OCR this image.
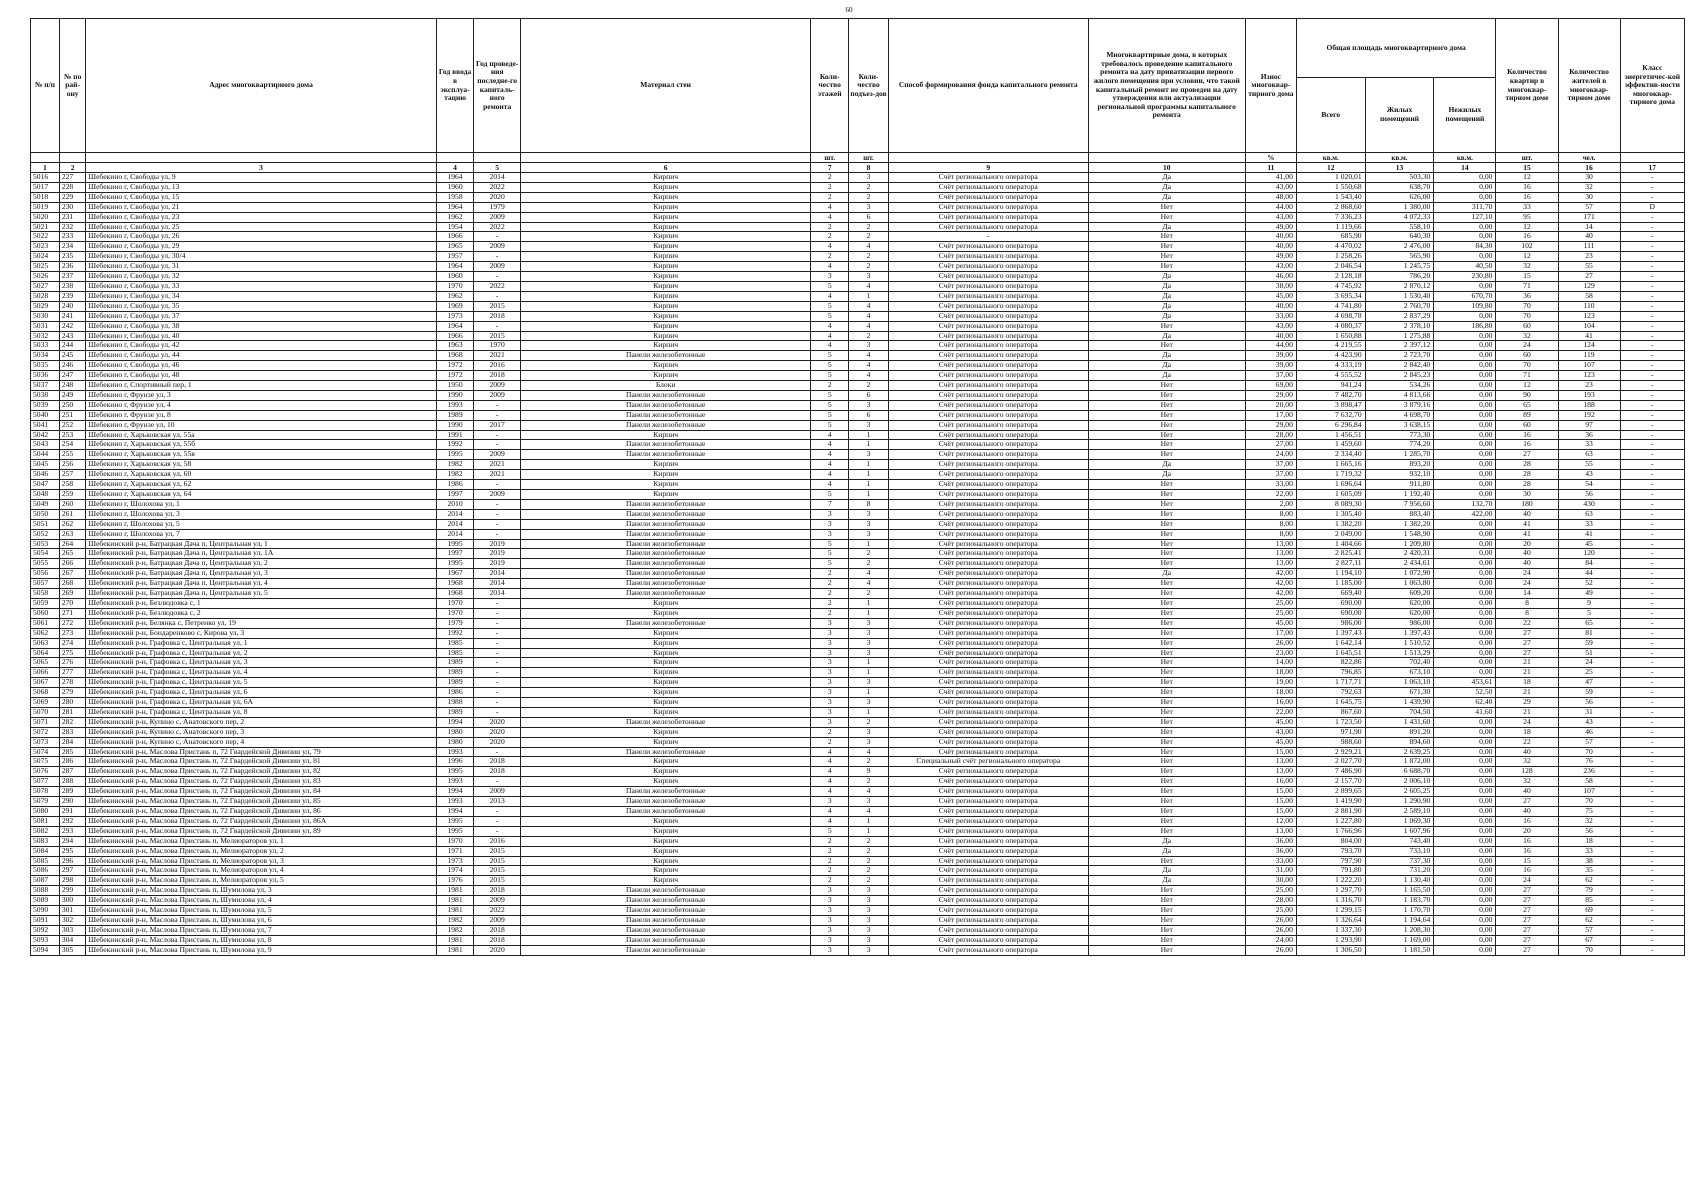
60
№ п/п	№ по рай-ону	Адрес многоквартирного дома	Год ввода в эксплуа-тацию	Год проведе-ния последне-го капиталь-ного ремонта	Материал стен	Коли-чество этажей	Коли-чество подъез-дов	Способ формирования фонда капитального ремонта	Многоквартирные дома, в которых требовалось проведение капитального ремонта на дату приватизации первого жилого помещения при условии, что такой капитальный ремонт не проведен на дату утверждения или актуализации региональной программы капитального ремонта	Износ многоквар-тирного дома	Общая площадь многоквартирного дома			Количество квартир в многоквар-тирном доме	Количество жителей в многоквар-тирном доме	Класс энергетичес-кой эффектив-ности многоквар-тирного дома
											Всего	Жилых помещений	Нежилых помещений			
						шт.	шт.			%	кв.м.	кв.м.	кв.м.	шт.	чел.	
1	2	3	4	5	6	7	8	9	10	11	12	13	14	15	16	17
5016	227	Шебекино г, Свободы ул, 9	1964	2014	Кирпич	2	3	Счёт регионального оператора	Да	41,00	1 020,01	503,30	0,00	12	30	-
5017	228	Шебекино г, Свободы ул, 13	1960	2022	Кирпич	2	2	Счёт регионального оператора	Да	43,00	1 550,68	638,70	0,00	16	32	-
5018	229	Шебекино г, Свободы ул, 15	1958	2020	Кирпич	2	2	Счёт регионального оператора	Да	48,00	1 543,40	626,00	0,00	16	30	-
5019	230	Шебекино г, Свободы ул, 21	1964	1979	Кирпич	4	3	Счёт регионального оператора	Нет	44,00	2 868,60	1 380,00	311,70	33	57	D
5020	231	Шебекино г, Свободы ул, 23	1962	2009	Кирпич	4	6	Счёт регионального оператора	Нет	43,00	7 336,23	4 072,33	127,10	95	171	-
5021	232	Шебекино г, Свободы ул, 25	1954	2022	Кирпич	2	2	Счёт регионального оператора	Да	49,00	1 119,66	558,10	0,00	12	14	-
5022	233	Шебекино г, Свободы ул, 26	1966	-	Кирпич	2	2	-	Нет	40,00	685,90	640,30	0,00	16	40	-
5023	234	Шебекино г, Свободы ул, 29	1965	2009	Кирпич	4	4	Счёт регионального оператора	Нет	40,00	4 470,02	2 476,00	84,30	102	111	-
5024	235	Шебекино г, Свободы ул, 30/4	1957	-	Кирпич	2	2	Счёт регионального оператора	Нет	49,00	1 258,26	565,90	0,00	12	23	-
5025	236	Шебекино г, Свободы ул, 31	1964	2009	Кирпич	4	2	Счёт регионального оператора	Нет	43,00	2 046,54	1 245,75	40,50	32	55	-
5026	237	Шебекино г, Свободы ул, 32	1960	-	Кирпич	3	3	Счёт регионального оператора	Да	46,00	2 128,18	786,20	230,80	15	27	-
5027	238	Шебекино г, Свободы ул, 33	1970	2022	Кирпич	5	4	Счёт регионального оператора	Да	38,00	4 745,92	2 870,12	0,00	71	129	-
5028	239	Шебекино г, Свободы ул, 34	1962	-	Кирпич	4	1	Счёт регионального оператора	Да	45,00	3 695,34	1 530,40	670,70	36	58	-
5029	240	Шебекино г, Свободы ул, 35	1969	2015	Кирпич	5	4	Счёт регионального оператора	Да	40,00	4 741,80	2 760,70	109,80	70	110	-
5030	241	Шебекино г, Свободы ул, 37	1973	2018	Кирпич	5	4	Счёт регионального оператора	Да	33,00	4 698,78	2 837,29	0,00	70	123	-
5031	242	Шебекино г, Свободы ул, 38	1964	-	Кирпич	4	4	Счёт регионального оператора	Нет	43,00	4 080,37	2 378,10	186,80	60	104	-
5032	243	Шебекино г, Свободы ул, 40	1966	2015	Кирпич	4	2	Счёт регионального оператора	Да	40,00	1 650,88	1 275,88	0,00	32	41	-
5033	244	Шебекино г, Свободы ул, 42	1963	1970	Кирпич	4	3	Счёт регионального оператора	Нет	44,00	4 219,55	2 397,12	0,00	24	124	-
5034	245	Шебекино г, Свободы ул, 44	1968	2021	Панели железобетонные	5	4	Счёт регионального оператора	Да	39,00	4 423,90	2 723,70	0,00	60	119	-
5035	246	Шебекино г, Свободы ул, 46	1972	2016	Кирпич	5	4	Счёт регионального оператора	Да	39,00	4 333,19	2 842,40	0,00	70	107	-
5036	247	Шебекино г, Свободы ул, 48	1972	2018	Кирпич	5	4	Счёт регионального оператора	Да	37,00	4 555,52	2 845,23	0,00	71	123	-
5037	248	Шебекино г, Спортивный пер, 1	1950	2009	Блоки	2	2	Счёт регионального оператора	Нет	69,00	941,24	534,26	0,00	12	23	-
5038	249	Шебекино г, Фрунзе ул, 3	1990	2009	Панели железобетонные	5	6	Счёт регионального оператора	Нет	29,00	7 482,70	4 813,66	0,00	90	193	-
5039	250	Шебекино г, Фрунзе ул, 4	1993	-	Панели железобетонные	5	3	Счёт регионального оператора	Нет	20,00	3 898,47	3 879,16	0,00	65	188	-
5040	251	Шебекино г, Фрунзе ул, 8	1989	-	Панели железобетонные	5	6	Счёт регионального оператора	Нет	17,00	7 632,70	4 698,70	0,00	89	192	-
5041	252	Шебекино г, Фрунзе ул, 10	1990	2017	Панели железобетонные	5	3	Счёт регионального оператора	Нет	29,00	6 296,84	3 638,15	0,00	60	97	-
5042	253	Шебекино г, Харьковская ул, 55а	1991	-	Кирпич	4	1	Счёт регионального оператора	Нет	28,00	1 456,51	773,30	0,00	16	36	-
5043	254	Шебекино г, Харьковская ул, 55б	1992	-	Панели железобетонные	4	1	Счёт регионального оператора	Нет	27,00	1 459,60	774,20	0,00	16	33	-
5044	255	Шебекино г, Харьковская ул, 55в	1995	2009	Панели железобетонные	4	3	Счёт регионального оператора	Нет	24,00	2 334,40	1 285,70	0,00	27	63	-
5045	256	Шебекино г, Харьковская ул, 58	1982	2021	Кирпич	4	1	Счёт регионального оператора	Да	37,00	1 665,16	893,20	0,00	28	55	-
5046	257	Шебекино г, Харьковская ул, 60	1982	2021	Кирпич	4	1	Счёт регионального оператора	Да	37,00	1 719,32	932,10	0,00	28	43	-
5047	258	Шебекино г, Харьковская ул, 62	1986	-	Кирпич	4	1	Счёт регионального оператора	Нет	33,00	1 696,64	911,80	0,00	28	54	-
5048	259	Шебекино г, Харьковская ул, 64	1997	2009	Кирпич	5	1	Счёт регионального оператора	Нет	22,00	1 605,09	1 192,40	0,00	30	56	-
5049	260	Шебекино г, Шолохова ул, 1	2010	-	Панели железобетонные	7	8	Счёт регионального оператора	Нет	2,00	8 089,30	7 956,60	132,70	180	430	-
5050	261	Шебекино г, Шолохова ул, 3	2014	-	Панели железобетонные	3	3	Счёт регионального оператора	Нет	8,00	1 305,40	883,40	422,00	40	63	-
5051	262	Шебекино г, Шолохова ул, 5	2014	-	Панели железобетонные	3	3	Счёт регионального оператора	Нет	8,00	1 382,20	1 382,20	0,00	41	33	-
5052	263	Шебекино г, Шолохова ул, 7	2014	-	Панели железобетонные	3	3	Счёт регионального оператора	Нет	8,00	2 049,00	1 548,90	0,00	41	41	-
5053	264	Шебекинский р-н, Батрацкая Дача п, Центральная ул, 1	1995	2019	Панели железобетонные	5	1	Счёт регионального оператора	Нет	13,00	1 404,66	1 209,80	0,00	20	45	-
5054	265	Шебекинский р-н, Батрацкая Дача п, Центральная ул, 1А	1997	2019	Панели железобетонные	5	2	Счёт регионального оператора	Нет	13,00	2 825,41	2 420,31	0,00	40	120	-
5055	266	Шебекинский р-н, Батрацкая Дача п, Центральная ул, 2	1995	2019	Панели железобетонные	5	2	Счёт регионального оператора	Нет	13,00	2 827,11	2 434,61	0,00	40	84	-
5056	267	Шебекинский р-н, Батрацкая Дача п, Центральная ул, 3	1967	2014	Панели железобетонные	2	4	Счёт регионального оператора	Да	42,00	1 194,10	1 072,90	0,00	24	44	-
5057	268	Шебекинский р-н, Батрацкая Дача п, Центральная ул, 4	1968	2014	Панели железобетонные	2	4	Счёт регионального оператора	Нет	42,00	1 185,00	1 063,80	0,00	24	52	-
5058	269	Шебекинский р-н, Батрацкая Дача п, Центральная ул, 5	1968	2014	Панели железобетонные	2	2	Счёт регионального оператора	Нет	42,00	669,40	609,20	0,00	14	49	-
5059	270	Шебекинский р-н, Безлюдовка с, 1	1970	-	Кирпич	2	1	Счёт регионального оператора	Нет	25,00	690,00	620,00	0,00	8	9	-
5060	271	Шебекинский р-н, Безлюдовка с, 2	1970	-	Кирпич	2	1	Счёт регионального оператора	Нет	25,00	690,00	620,00	0,00	8	5	-
5061	272	Шебекинский р-н, Белянка с, Петренко ул, 19	1979	-	Панели железобетонные	3	3	Счёт регионального оператора	Нет	45,00	986,00	986,00	0,00	22	65	-
5062	273	Шебекинский р-н, Бондаренково с, Кирова ул, 3	1992	-	Кирпич	3	3	Счёт регионального оператора	Нет	17,00	1 397,43	1 397,43	0,00	27	81	-
5063	274	Шебекинский р-н, Графовка с, Центральная ул, 1	1985	-	Кирпич	3	3	Счёт регионального оператора	Нет	26,00	1 642,14	1 510,52	0,00	27	59	-
5064	275	Шебекинский р-н, Графовка с, Центральная ул, 2	1985	-	Кирпич	3	3	Счёт регионального оператора	Нет	23,00	1 645,51	1 513,29	0,00	27	51	-
5065	276	Шебекинский р-н, Графовка с, Центральная ул, 3	1989	-	Кирпич	3	1	Счёт регионального оператора	Нет	14,00	822,86	702,40	0,00	21	24	-
5066	277	Шебекинский р-н, Графовка с, Центральная ул, 4	1989	-	Кирпич	3	1	Счёт регионального оператора	Нет	18,00	796,85	673,10	0,00	21	25	-
5067	278	Шебекинский р-н, Графовка с, Центральная ул, 5	1989	-	Кирпич	3	3	Счёт регионального оператора	Нет	19,00	1 717,71	1 063,10	453,61	18	47	-
5068	279	Шебекинский р-н, Графовка с, Центральная ул, 6	1986	-	Кирпич	3	1	Счёт регионального оператора	Нет	18,00	792,63	671,30	52,50	21	59	-
5069	280	Шебекинский р-н, Графовка с, Центральная ул, 6А	1988	-	Кирпич	3	3	Счёт регионального оператора	Нет	16,00	1 645,75	1 439,90	62,40	29	56	-
5070	281	Шебекинский р-н, Графовка с, Центральная ул, 8	1989	-	Кирпич	3	1	Счёт регионального оператора	Нет	22,00	867,60	704,50	41,60	21	31	-
5071	282	Шебекинский р-н, Купино с, Анатовского пер, 2	1994	2020	Панели железобетонные	3	2	Счёт регионального оператора	Нет	45,00	1 723,50	1 431,60	0,00	24	43	-
5072	283	Шебекинский р-н, Купино с, Анатовского пер, 3	1980	2020	Кирпич	2	3	Счёт регионального оператора	Нет	43,00	971,90	891,20	0,00	18	46	-
5073	284	Шебекинский р-н, Купино с, Анатовского пер, 4	1980	2020	Кирпич	2	3	Счёт регионального оператора	Нет	45,00	988,60	894,60	0,00	22	57	-
5074	285	Шебекинский р-н, Маслова Пристань п, 72 Гвардейской Дивизии ул, 79	1993	-	Панели железобетонные	4	4	Счёт регионального оператора	Нет	15,00	2 929,21	2 639,25	0,00	40	70	-
5075	286	Шебекинский р-н, Маслова Пристань п, 72 Гвардейской Дивизии ул, 81	1996	2018	Кирпич	4	2	Специальный счёт регионального оператора	Нет	13,00	2 027,70	1 872,00	0,00	32	76	-
5076	287	Шебекинский р-н, Маслова Пристань п, 72 Гвардейской Дивизии ул, 82	1995	2018	Кирпич	4	9	Счёт регионального оператора	Нет	13,00	7 486,90	6 688,70	0,00	128	236	-
5077	288	Шебекинский р-н, Маслова Пристань п, 72 Гвардейской Дивизии ул, 83	1993	-	Кирпич	4	2	Счёт регионального оператора	Нет	16,00	2 157,70	2 006,10	0,00	32	58	-
5078	289	Шебекинский р-н, Маслова Пристань п, 72 Гвардейской Дивизии ул, 84	1994	2009	Панели железобетонные	4	4	Счёт регионального оператора	Нет	15,00	2 899,65	2 605,25	0,00	40	107	-
5079	290	Шебекинский р-н, Маслова Пристань п, 72 Гвардейской Дивизии ул, 85	1993	2013	Панели железобетонные	3	3	Счёт регионального оператора	Нет	15,00	1 419,90	1 290,90	0,00	27	70	-
5080	291	Шебекинский р-н, Маслова Пристань п, 72 Гвардейской Дивизии ул, 86	1994	-	Панели железобетонные	4	4	Счёт регионального оператора	Нет	15,00	2 881,90	2 589,10	0,00	40	75	-
5081	292	Шебекинский р-н, Маслова Пристань п, 72 Гвардейской Дивизии ул, 86А	1995	-	Кирпич	4	1	Счёт регионального оператора	Нет	12,00	1 227,80	1 069,30	0,00	16	32	-
5082	293	Шебекинский р-н, Маслова Пристань п, 72 Гвардейской Дивизии ул, 89	1995	-	Кирпич	5	1	Счёт регионального оператора	Нет	13,00	1 766,96	1 607,96	0,00	20	56	-
5083	294	Шебекинский р-н, Маслова Пристань п, Мелиораторов ул, 1	1970	2016	Кирпич	2	2	Счёт регионального оператора	Да	36,00	804,00	743,40	0,00	16	18	-
5084	295	Шебекинский р-н, Маслова Пристань п, Мелиораторов ул, 2	1971	2015	Кирпич	2	2	Счёт регионального оператора	Да	36,00	793,70	733,10	0,00	16	33	-
5085	296	Шебекинский р-н, Маслова Пристань п, Мелиораторов ул, 3	1973	2015	Кирпич	2	2	Счёт регионального оператора	Нет	33,00	797,90	737,30	0,00	15	38	-
5086	297	Шебекинский р-н, Маслова Пристань п, Мелиораторов ул, 4	1974	2015	Кирпич	2	2	Счёт регионального оператора	Да	31,00	791,80	731,20	0,00	16	35	-
5087	298	Шебекинский р-н, Маслова Пристань п, Мелиораторов ул, 5	1976	2015	Кирпич	2	2	Счёт регионального оператора	Да	30,00	1 222,20	1 130,40	0,00	24	62	-
5088	299	Шебекинский р-н, Маслова Пристань п, Шумилова ул, 3	1981	2018	Панели железобетонные	3	3	Счёт регионального оператора	Нет	25,00	1 297,70	1 165,50	0,00	27	79	-
5089	300	Шебекинский р-н, Маслова Пристань п, Шумилова ул, 4	1981	2009	Панели железобетонные	3	3	Счёт регионального оператора	Нет	28,00	1 316,70	1 183,70	0,00	27	85	-
5090	301	Шебекинский р-н, Маслова Пристань п, Шумилова ул, 5	1981	2022	Панели железобетонные	3	3	Счёт регионального оператора	Нет	25,00	1 299,15	1 170,70	0,00	27	69	-
5091	302	Шебекинский р-н, Маслова Пристань п, Шумилова ул, 6	1982	2009	Панели железобетонные	3	3	Счёт регионального оператора	Нет	26,00	1 326,64	1 194,64	0,00	27	62	-
5092	303	Шебекинский р-н, Маслова Пристань п, Шумилова ул, 7	1982	2018	Панели железобетонные	3	3	Счёт регионального оператора	Нет	26,00	1 337,30	1 208,30	0,00	27	57	-
5093	304	Шебекинский р-н, Маслова Пристань п, Шумилова ул, 8	1981	2018	Панели железобетонные	3	3	Счёт регионального оператора	Нет	24,00	1 293,90	1 169,00	0,00	27	67	-
5094	305	Шебекинский р-н, Маслова Пристань п, Шумилова ул, 9	1981	2020	Панели железобетонные	3	3	Счёт регионального оператора	Нет	26,00	1 306,50	1 181,50	0,00	27	70	-
